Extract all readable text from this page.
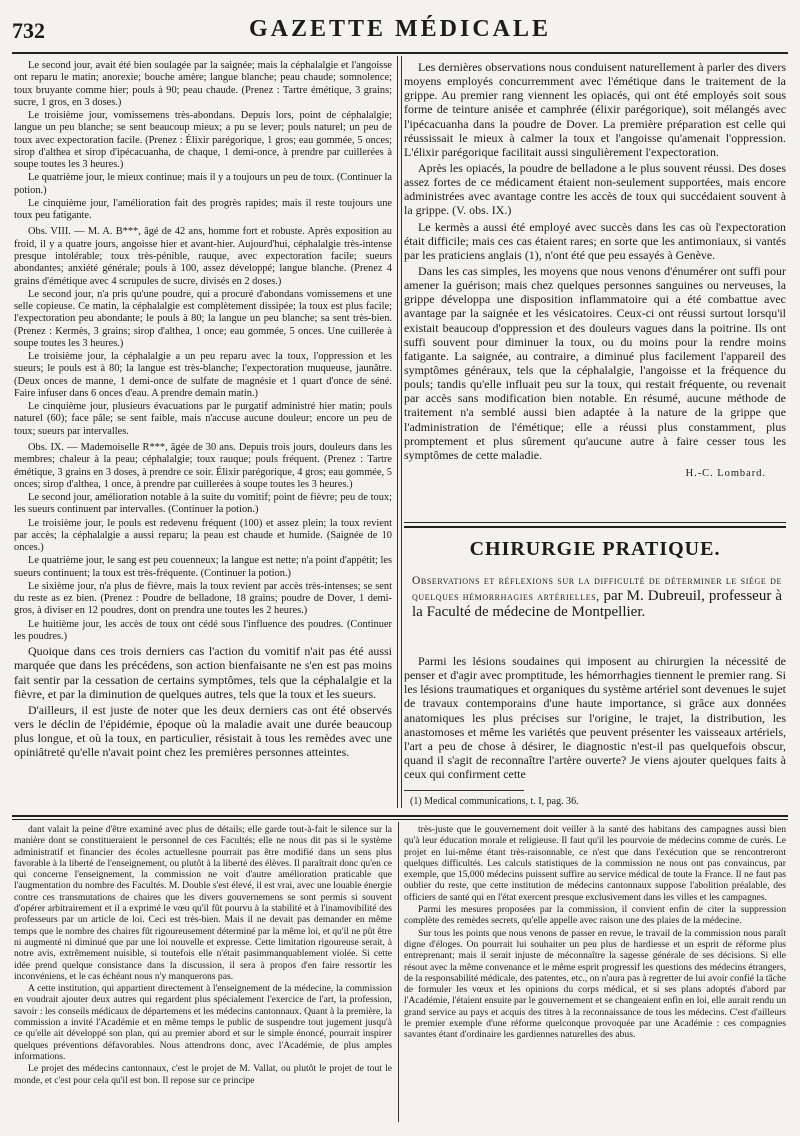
732	GAZETTE MÉDICALE

Le second jour, avait été bien soulagée par la saignée; mais la céphalalgie et l'angoisse ont reparu le matin; anorexie; bouche amère; langue blanche; peau chaude; somnolence; toux bruyante comme hier; pouls à 90; peau chaude. (Prenez : Tartre émétique, 3 grains; sucre, 1 gros, en 3 doses.)

Le troisième jour, vomissemens très-abondans. Depuis lors, point de céphalalgie; langue un peu blanche; se sent beaucoup mieux; a pu se lever; pouls naturel; un peu de toux avec expectoration facile. (Prenez : Élixir parégorique, 1 gros; eau gommée, 5 onces; sirop d'althea et sirop d'ipécacuanha, de chaque, 1 demi-once, à prendre par cuillerées à soupe toutes les 3 heures.)

Le quatrième jour, le mieux continue; mais il y a toujours un peu de toux. (Continuer la potion.)

Le cinquième jour, l'amélioration fait des progrès rapides; mais il reste toujours une toux peu fatigante.

Obs. VIII. — M. A. B***, âgé de 42 ans, homme fort et robuste. Après exposition au froid, il y a quatre jours, angoisse hier et avant-hier. Aujourd'hui, céphalalgie très-intense presque intolérable; toux très-pénible, rauque, avec expectoration facile; sueurs abondantes; anxiété générale; pouls à 100, assez développé; langue blanche. (Prenez 4 grains d'émétique avec 4 scrupules de sucre, divisés en 2 doses.)

Le second jour, n'a pris qu'une poudre, qui a procuré d'abondans vomissemens et une selle copieuse. Ce matin, la céphalalgie est complètement dissipée; la toux est plus facile; l'expectoration peu abondante; le pouls à 80; la langue un peu blanche; sa sent très-bien. (Prenez : Kermès, 3 grains; sirop d'althea, 1 once; eau gommée, 5 onces. Une cuillerée à soupe toutes les 3 heures.)

Le troisième jour, la céphalalgie a un peu reparu avec la toux, l'oppression et les sueurs; le pouls est à 80; la langue est très-blanche; l'expectoration muqueuse, jaunâtre. (Deux onces de manne, 1 demi-once de sulfate de magnésie et 1 quart d'once de séné. Faire infuser dans 6 onces d'eau. A prendre demain matin.)

Le cinquième jour, plusieurs évacuations par le purgatif administré hier matin; pouls naturel (60); face pâle; se sent faible, mais n'accuse aucune douleur; encore un peu de toux; sueurs par intervalles.

Obs. IX. — Mademoiselle R***, âgée de 30 ans. Depuis trois jours, douleurs dans les membres; chaleur à la peau; céphalalgie; toux rauque; pouls fréquent. (Prenez : Tartre émétique, 3 grains en 3 doses, à prendre ce soir. Élixir parégorique, 4 gros; eau gommée, 5 onces; sirop d'althea, 1 once, à prendre par cuillerées à soupe toutes les 3 heures.)

Le second jour, amélioration notable à la suite du vomitif; point de fièvre; peu de toux; les sueurs continuent par intervalles. (Continuer la potion.)

Le troisième jour, le pouls est redevenu fréquent (100) et assez plein; la toux revient par accès; la céphalalgie a aussi reparu; la peau est chaude et humide. (Saignée de 10 onces.)

Le quatrième jour, le sang est peu couenneux; la langue est nette; n'a point d'appétit; les sueurs continuent; la toux est très-fréquente. (Continuer la potion.)

Le sixième jour, n'a plus de fièvre, mais la toux revient par accès très-intenses; se sent du reste as ez bien. (Prenez : Poudre de belladone, 18 grains; poudre de Dover, 1 demi-gros, à diviser en 12 poudres, dont on prendra une toutes les 2 heures.)

Le huitième jour, les accès de toux ont cédé sous l'influence des poudres. (Continuer les poudres.)

Quoique dans ces trois derniers cas l'action du vomitif n'ait pas été aussi marquée que dans les précédens, son action bienfaisante ne s'en est pas moins fait sentir par la cessation de certains symptômes, tels que la céphalalgie et la fièvre, et par la diminution de quelques autres, tels que la toux et les sueurs.

D'ailleurs, il est juste de noter que les deux derniers cas ont été observés vers le déclin de l'épidémie, époque où la maladie avait une durée beaucoup plus longue, et où la toux, en particulier, résistait à tous les remèdes avec une opiniâtreté qu'elle n'avait point chez les premières personnes atteintes.

Les dernières observations nous conduisent naturellement à parler des divers moyens employés concurremment avec l'émétique dans le traitement de la grippe. Au premier rang viennent les opiacés, qui ont été employés soit sous forme de teinture anisée et camphrée (élixir parégorique), soit mélangés avec l'ipécacuanha dans la poudre de Dover. La première préparation est celle qui réussissait le mieux à calmer la toux et l'angoisse qu'amenait l'oppression. L'élixir parégorique facilitait aussi singulièrement l'expectoration.

Après les opiacés, la poudre de belladone a le plus souvent réussi. Des doses assez fortes de ce médicament étaient non-seulement supportées, mais encore administrées avec avantage contre les accès de toux qui succédaient souvent à la grippe. (V. obs. IX.)

Le kermès a aussi été employé avec succès dans les cas où l'expectoration était difficile; mais ces cas étaient rares; en sorte que les antimoniaux, si vantés par les praticiens anglais (1), n'ont été que peu essayés à Genève.

Dans les cas simples, les moyens que nous venons d'énumérer ont suffi pour amener la guérison; mais chez quelques personnes sanguines ou nerveuses, la grippe développa une disposition inflammatoire qui a été combattue avec avantage par la saignée et les vésicatoires. Ceux-ci ont réussi surtout lorsqu'il existait beaucoup d'oppression et des douleurs vagues dans la poitrine. Ils ont suffi souvent pour diminuer la toux, ou du moins pour la rendre moins fatigante. La saignée, au contraire, a diminué plus facilement l'appareil des symptômes généraux, tels que la céphalalgie, l'angoisse et la fréquence du pouls; tandis qu'elle influait peu sur la toux, qui restait fréquente, ou revenait par accès sans modification bien notable. En résumé, aucune méthode de traitement n'a semblé aussi bien adaptée à la nature de la grippe que l'administration de l'émétique; elle a réussi plus constamment, plus promptement et plus sûrement qu'aucune autre à faire cesser tous les symptômes de cette maladie.

H.-C. Lombard.

CHIRURGIE PRATIQUE.
Observations et réflexions sur la difficulté de déterminer le siége de quelques hémorrhagies artérielles, par M. Dubreuil, professeur à la Faculté de médecine de Montpellier.

Parmi les lésions soudaines qui imposent au chirurgien la nécessité de penser et d'agir avec promptitude, les hémorrhagies tiennent le premier rang. Si les lésions traumatiques et organiques du système artériel sont devenues le sujet de travaux contemporains d'une haute importance, si grâce aux données anatomiques les plus précises sur l'origine, le trajet, la distribution, les anastomoses et même les variétés que peuvent présenter les vaisseaux artériels, l'art a peu de chose à désirer, le diagnostic n'est-il pas quelquefois obscur, quand il s'agit de reconnaître l'artère ouverte? Je viens ajouter quelques faits à ceux qui confirment cette

(1) Medical communications, t. I, pag. 36.

dant valait la peine d'être examiné avec plus de détails; elle garde tout-à-fait le silence sur la manière dont se constitueraient le personnel de ces Facultés; elle ne nous dit pas si le système administratif et financier des écoles actuellesne pourrait pas être modifié dans un sens plus favorable à la liberté de l'enseignement, ou plutôt à la liberté des élèves. Il paraîtrait donc qu'en ce qui concerne l'enseignement, la commission ne voit d'autre amélioration praticable que l'augmentation du nombre des Facultés. M. Double s'est élevé, il est vrai, avec une louable énergie contre ces transmutations de chaires que les divers gouvernemens se sont permis si souvent d'opérer arbitrairement et il a exprimé le vœu qu'il fût pourvu à la stabilité et à l'inamovibilité des professeurs par un article de loi. Ceci est très-bien. Mais il ne devait pas demander en même temps que le nombre des chaires fût rigoureusement déterminé par la même loi, et qu'il ne pût être ni augmenté ni diminué que par une loi nouvelle et expresse. Cette limitation rigoureuse serait, à notre avis, extrêmement nuisible, si toutefois elle n'était pasimmanquablement violée. Si cette idée prend quelque consistance dans la discussion, il sera à propos d'en faire ressortir les inconvéniens, et le cas échéant nous n'y manquerons pas.

A cette institution, qui appartient directement à l'enseignement de la médecine, la commission en voudrait ajouter deux autres qui regardent plus spécialement l'exercice de l'art, la profession, savoir : les conseils médicaux de départemens et les médecins cantonnaux. Quant à la première, la commission a invité l'Académie et en même temps le public de suspendre tout jugement jusqu'à ce qu'elle ait développé son plan, qui au premier abord et sur le simple énoncé, pourrait inspirer quelques préventions défavorables. Nous attendrons donc, avec l'Académie, de plus amples informations.

Le projet des médecins cantonnaux, c'est le projet de M. Vallat, ou plutôt le projet de tout le monde, et c'est pour cela qu'il est bon. Il repose sur ce principe

très-juste que le gouvernement doit veiller à la santé des habitans des campagnes aussi bien qu'à leur éducation morale et religieuse. Il faut qu'il les pourvoie de médecins comme de curés. Le projet en lui-même étant très-raisonnable, ce n'est que dans l'exécution que se rencontreront quelques difficultés. Les calculs statistiques de la commission ne nous ont pas convaincus, par exemple, que 15,000 médecins puissent suffire au service médical de toute la France. Il ne faut pas oublier du reste, que cette institution de médecins cantonnaux suppose l'abolition préalable, des officiers de santé qui en l'état exercent presque exclusivement dans les villes et les campagnes.

Parmi les mesures proposées par la commission, il convient enfin de citer la suppression complète des remèdes secrets, qu'elle appelle avec raison une des plaies de la médecine.

Sur tous les points que nous venons de passer en revue, le travail de la commission nous paraît digne d'éloges. On pourrait lui souhaiter un peu plus de hardiesse et un esprit de réforme plus entreprenant; mais il serait injuste de méconnaître la sagesse générale de ses décisions. Si elle résout avec la même convenance et le même esprit progressif les questions des médecins étrangers, de la responsabilité médicale, des patentes, etc., on n'aura pas à regretter de lui avoir confié la tâche de formuler les vœux et les opinions du corps médical, et si ses plans adoptés d'abord par l'Académie, l'étaient ensuite par le gouvernement et se changeaient enfin en loi, elle aurait rendu un grand service au pays et acquis des titres à la reconnaissance de tous les médecins. C'est d'ailleurs le premier exemple d'une réforme quelconque provoquée par une Académie : ces compagnies savantes étant d'ordinaire les gardiennes naturelles des abus.
